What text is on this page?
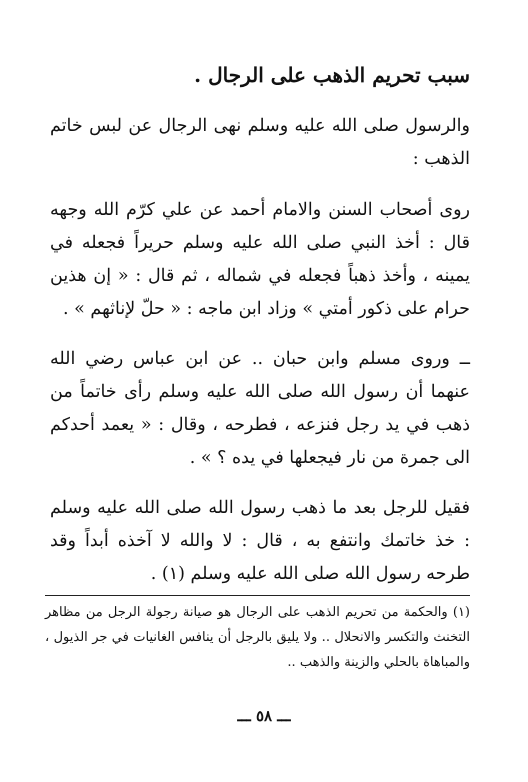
سبب تحريم الذهب على الرجال .
والرسول صلى الله عليه وسلم نهى الرجال عن لبس خاتم الذهب :
روى أصحاب السنن والامام أحمد عن علي كرّم الله وجهه قال : أخذ النبي صلى الله عليه وسلم حريراً فجعله في يمينه ، وأخذ ذهباً فجعله في شماله ، ثم قال : « إن هذين حرام على ذكور أمتي » وزاد ابن ماجه : « حلّ لإناثهم » .
ــ وروى مسلم وابن حبان .. عن ابن عباس رضي الله عنهما أن رسول الله صلى الله عليه وسلم رأى خاتماً من ذهب في يد رجل فنزعه ، فطرحه ، وقال : « يعمد أحدكم الى جمرة من نار فيجعلها في يده ؟ » .
فقيل للرجل بعد ما ذهب رسول الله صلى الله عليه وسلم : خذ خاتمك وانتفع به ، قال : لا والله لا آخذه أبداً وقد طرحه رسول الله صلى الله عليه وسلم (١) .
(١) والحكمة من تحريم الذهب على الرجال هو صيانة رجولة الرجل من مظاهر التخنث والتكسر والانحلال .. ولا يليق بالرجل أن ينافس الغانيات في جر الذيول ، والمباهاة بالحلي والزينة والذهب ..
ـــ ٥٨ ـــ
